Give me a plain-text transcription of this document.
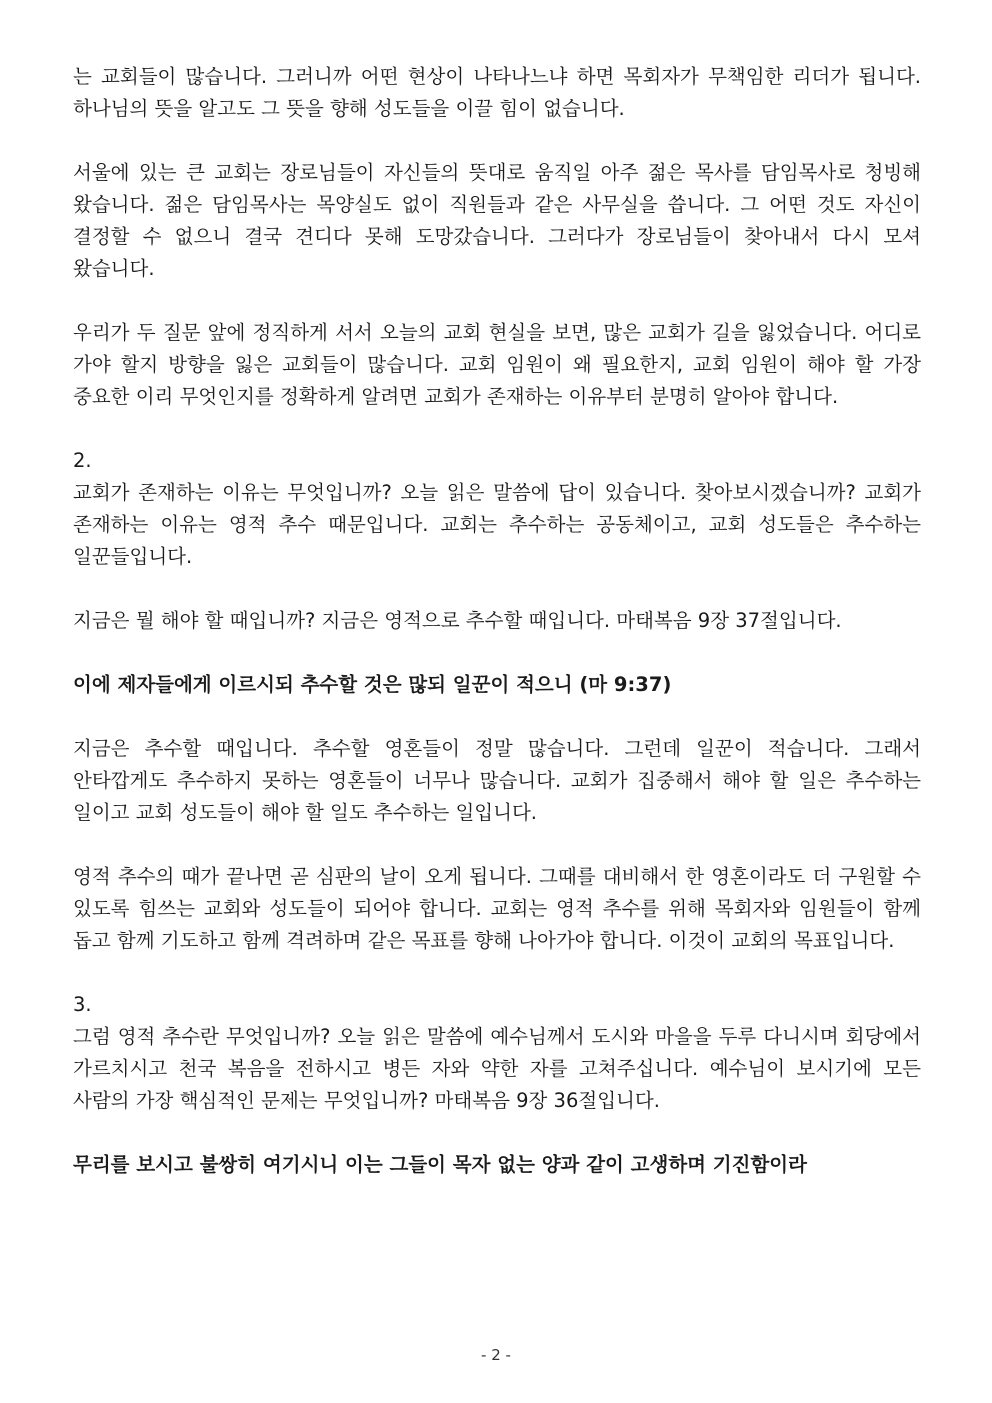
는 교회들이 많습니다. 그러니까 어떤 현상이 나타나느냐 하면 목회자가 무책임한 리더가 됩니다. 하나님의 뜻을 알고도 그 뜻을 향해 성도들을 이끌 힘이 없습니다.

서울에 있는 큰 교회는 장로님들이 자신들의 뜻대로 움직일 아주 젊은 목사를 담임목사로 청빙해 왔습니다. 젊은 담임목사는 목양실도 없이 직원들과 같은 사무실을 씁니다. 그 어떤 것도 자신이 결정할 수 없으니 결국 견디다 못해 도망갔습니다. 그러다가 장로님들이 찾아내서 다시 모셔 왔습니다.

우리가 두 질문 앞에 정직하게 서서 오늘의 교회 현실을 보면, 많은 교회가 길을 잃었습니다. 어디로 가야 할지 방향을 잃은 교회들이 많습니다. 교회 임원이 왜 필요한지, 교회 임원이 해야 할 가장 중요한 이리 무엇인지를 정확하게 알려면 교회가 존재하는 이유부터 분명히 알아야 합니다.

2.

교회가 존재하는 이유는 무엇입니까? 오늘 읽은 말씀에 답이 있습니다. 찾아보시겠습니까? 교회가 존재하는 이유는 영적 추수 때문입니다. 교회는 추수하는 공동체이고, 교회 성도들은 추수하는 일꾼들입니다.

지금은 뭘 해야 할 때입니까? 지금은 영적으로 추수할 때입니다. 마태복음 9장 37절입니다.

이에 제자들에게 이르시되 추수할 것은 많되 일꾼이 적으니 (마 9:37)

지금은 추수할 때입니다. 추수할 영혼들이 정말 많습니다. 그런데 일꾼이 적습니다. 그래서 안타깝게도 추수하지 못하는 영혼들이 너무나 많습니다. 교회가 집중해서 해야 할 일은 추수하는 일이고 교회 성도들이 해야 할 일도 추수하는 일입니다.

영적 추수의 때가 끝나면 곧 심판의 날이 오게 됩니다. 그때를 대비해서 한 영혼이라도 더 구원할 수 있도록 힘쓰는 교회와 성도들이 되어야 합니다. 교회는 영적 추수를 위해 목회자와 임원들이 함께 돕고 함께 기도하고 함께 격려하며 같은 목표를 향해 나아가야 합니다. 이것이 교회의 목표입니다.

3.

그럼 영적 추수란 무엇입니까? 오늘 읽은 말씀에 예수님께서 도시와 마을을 두루 다니시며 회당에서 가르치시고 천국 복음을 전하시고 병든 자와 약한 자를 고쳐주십니다. 예수님이 보시기에 모든 사람의 가장 핵심적인 문제는 무엇입니까? 마태복음 9장 36절입니다.

무리를 보시고 불쌍히 여기시니 이는 그들이 목자 없는 양과 같이 고생하며 기진함이라

- 2 -
